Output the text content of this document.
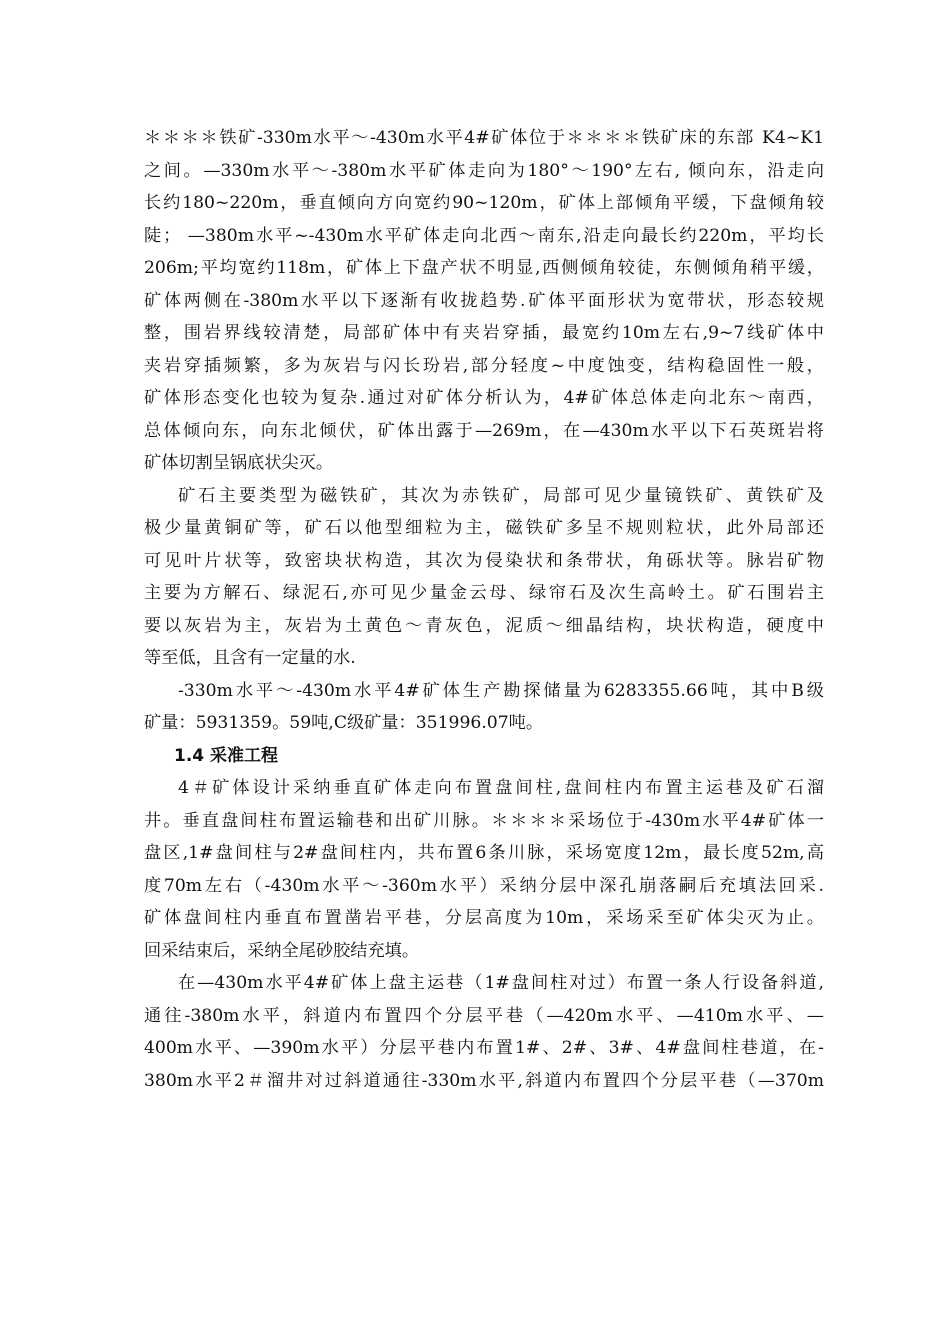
＊＊＊＊铁矿-330m水平～-430m水平4#矿体位于＊＊＊＊铁矿床的东部 K4~K1
之间。—330m水平～-380m水平矿体走向为180°～190°左右, 倾向东，沿走向
长约180~220m，垂直倾向方向宽约90~120m，矿体上部倾角平缓，下盘倾角较
陡； —380m水平~-430m水平矿体走向北西～南东,沿走向最长约220m，平均长
206m;平均宽约118m，矿体上下盘产状不明显,西侧倾角较徒，东侧倾角稍平缓，
矿体两侧在-380m水平以下逐渐有收拢趋势.矿体平面形状为宽带状，形态较规
整，围岩界线较清楚，局部矿体中有夹岩穿插，最宽约10m左右,9~7线矿体中
夹岩穿插频繁，多为灰岩与闪长玢岩,部分轻度~中度蚀变，结构稳固性一般，
矿体形态变化也较为复杂.通过对矿体分析认为，4#矿体总体走向北东～南西，
总体倾向东，向东北倾伏，矿体出露于—269m，在—430m水平以下石英斑岩将
矿体切割呈锅底状尖灭。
矿石主要类型为磁铁矿，其次为赤铁矿，局部可见少量镜铁矿、黄铁矿及
极少量黄铜矿等，矿石以他型细粒为主，磁铁矿多呈不规则粒状，此外局部还
可见叶片状等，致密块状构造，其次为侵染状和条带状，角砾状等。脉岩矿物
主要为方解石、绿泥石,亦可见少量金云母、绿帘石及次生高岭土。矿石围岩主
要以灰岩为主，灰岩为土黄色～青灰色，泥质～细晶结构，块状构造，硬度中
等至低，且含有一定量的水.
-330m水平～-430m水平4#矿体生产勘探储量为6283355.66吨，其中B级
矿量：5931359。59吨,C级矿量：351996.07吨。
1.4 采准工程
4＃矿体设计采纳垂直矿体走向布置盘间柱,盘间柱内布置主运巷及矿石溜
井。垂直盘间柱布置运输巷和出矿川脉。＊＊＊＊采场位于-430m水平4#矿体一
盘区,1#盘间柱与2#盘间柱内，共布置6条川脉，采场宽度12m，最长度52m,高
度70m左右（-430m水平～-360m水平）采纳分层中深孔崩落嗣后充填法回采.
矿体盘间柱内垂直布置凿岩平巷，分层高度为10m，采场采至矿体尖灭为止。
回采结束后，采纳全尾砂胶结充填。
在—430m水平4#矿体上盘主运巷（1#盘间柱对过）布置一条人行设备斜道,
通往-380m水平，斜道内布置四个分层平巷（—420m水平、—410m水平、—
400m水平、—390m水平）分层平巷内布置1#、2#、3#、4#盘间柱巷道，在-
380m水平2＃溜井对过斜道通往-330m水平,斜道内布置四个分层平巷（—370m
